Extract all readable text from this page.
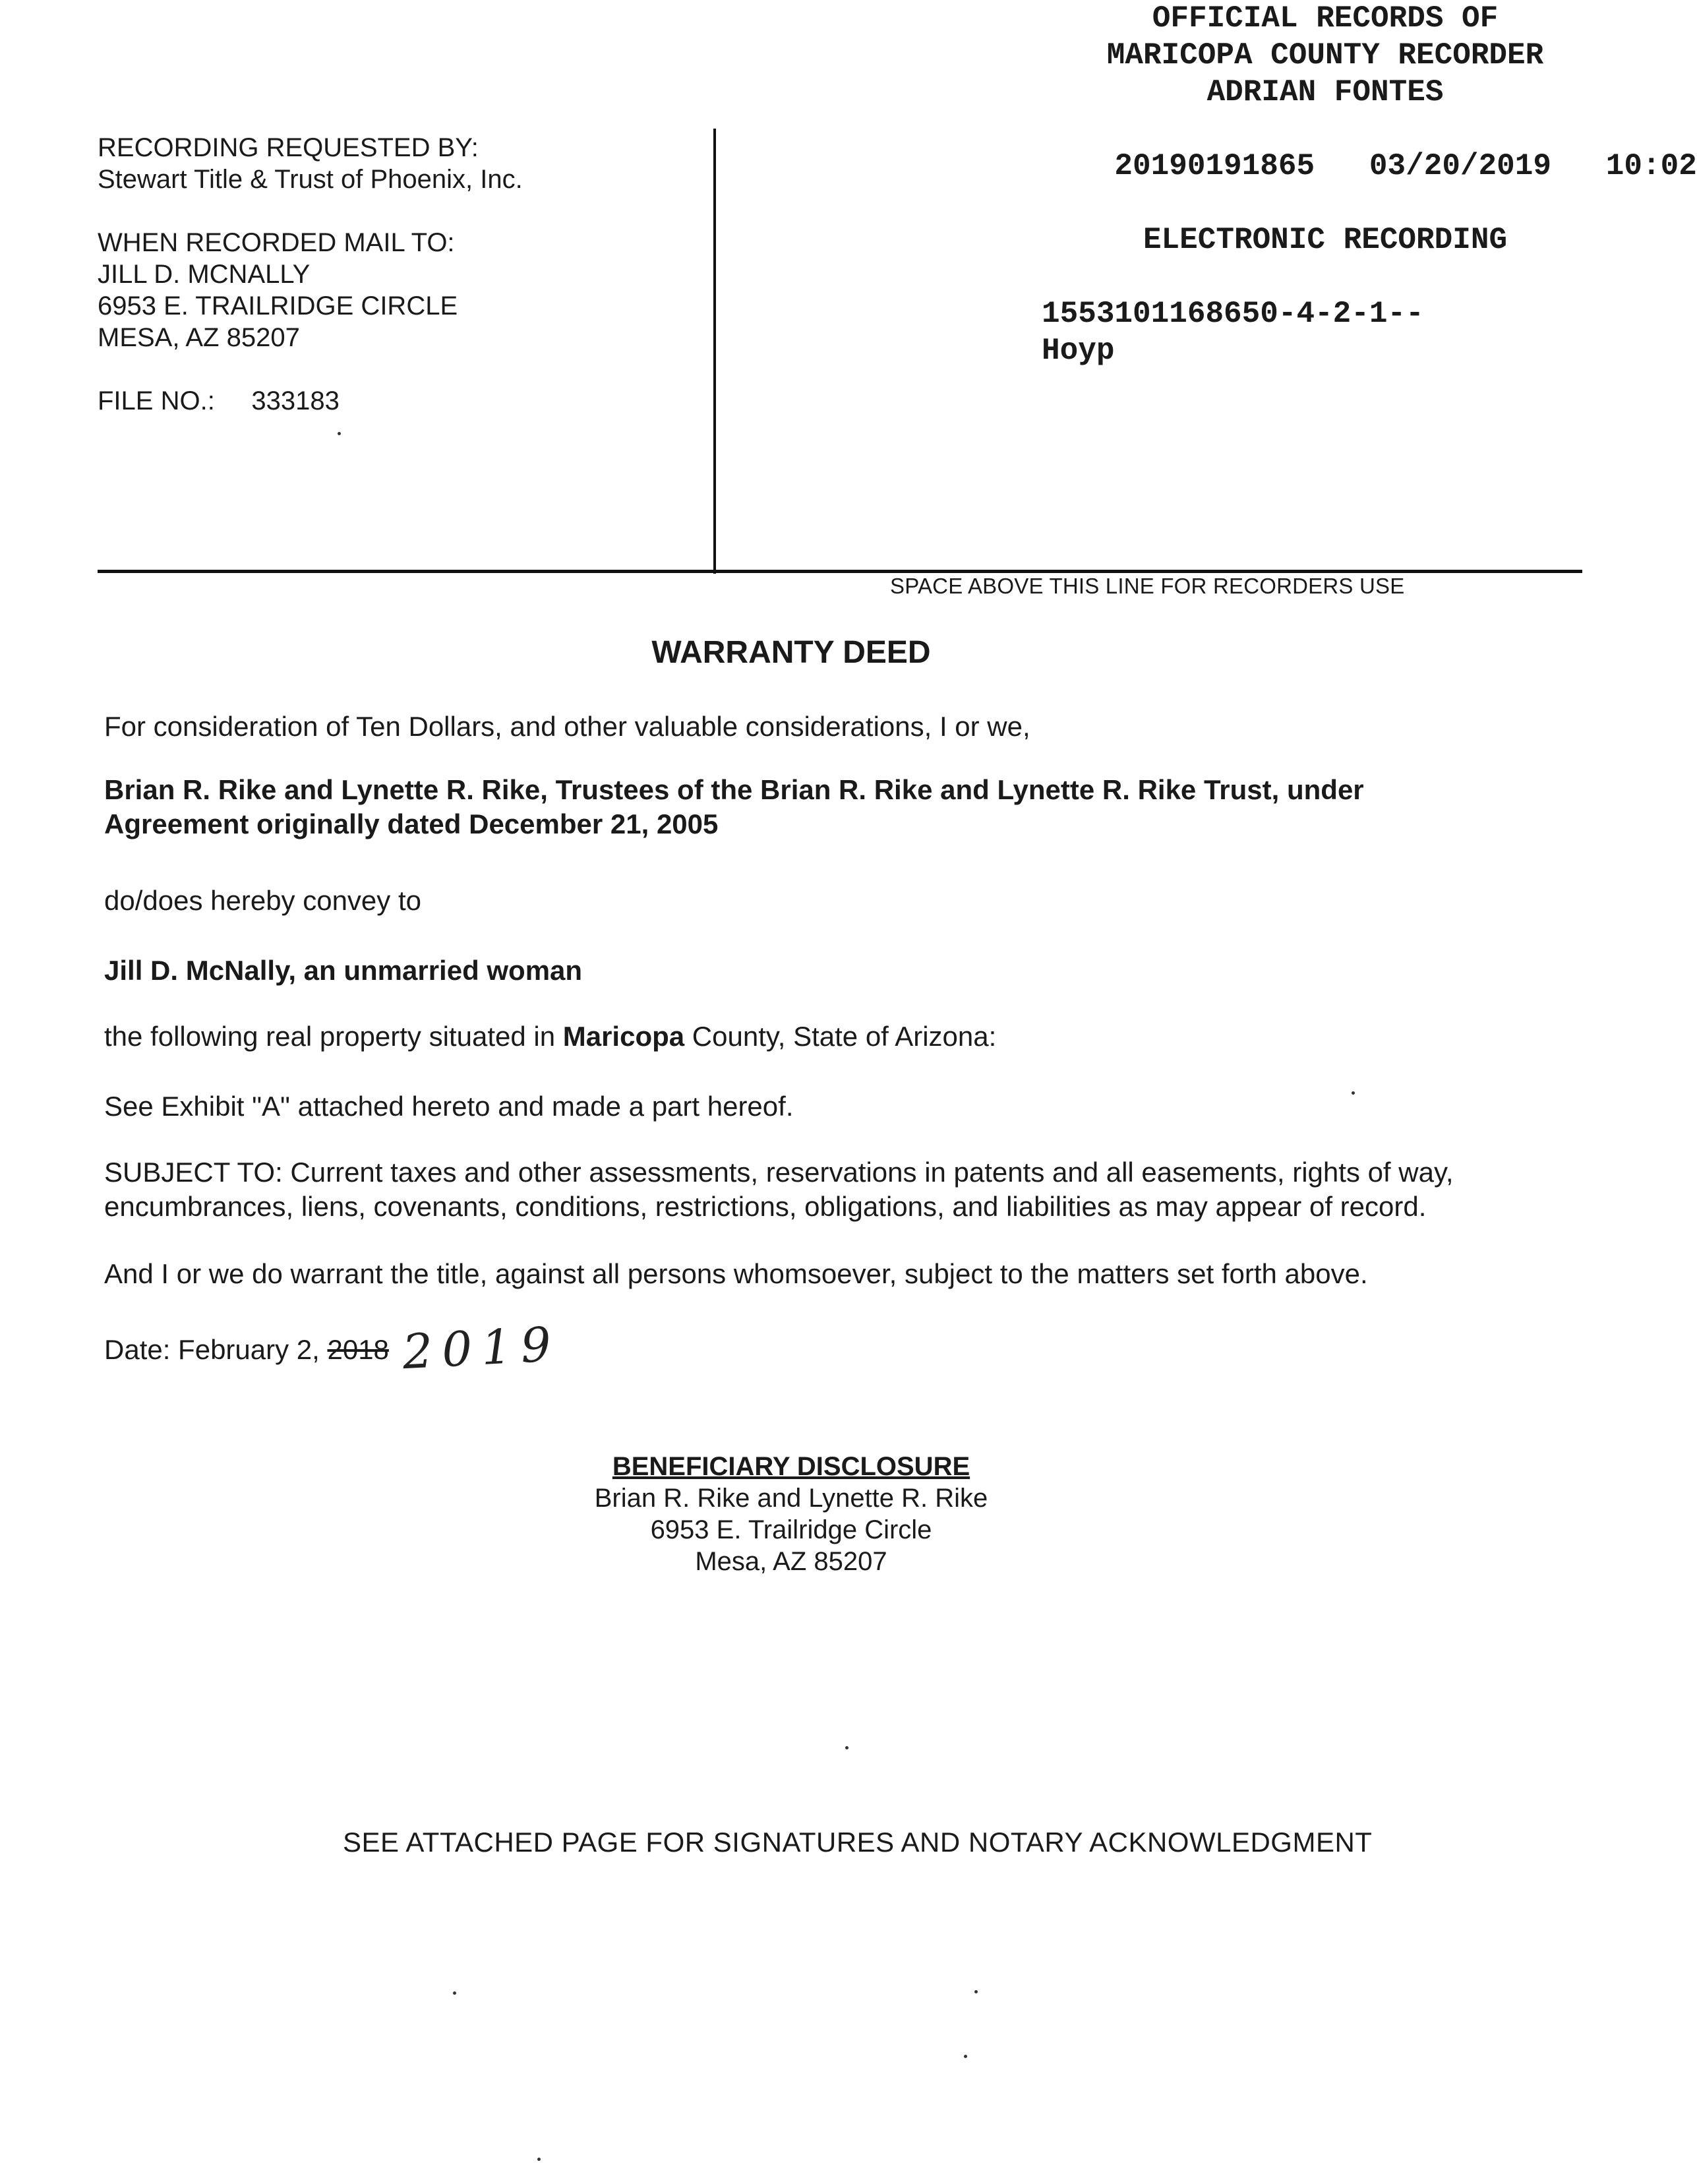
OFFICIAL RECORDS OF
MARICOPA COUNTY RECORDER
ADRIAN FONTES

20190191865 03/20/2019 10:02

ELECTRONIC RECORDING
1553101168650-4-2-1--
Hoyp
RECORDING REQUESTED BY:
Stewart Title & Trust of Phoenix, Inc.
WHEN RECORDED MAIL TO:
JILL D. MCNALLY
6953 E. TRAILRIDGE CIRCLE
MESA, AZ 85207
FILE NO.: 333183
SPACE ABOVE THIS LINE FOR RECORDERS USE
WARRANTY DEED
For consideration of Ten Dollars, and other valuable considerations, I or we,
Brian R. Rike and Lynette R. Rike, Trustees of the Brian R. Rike and Lynette R. Rike Trust, under
Agreement originally dated December 21, 2005
do/does hereby convey to
Jill D. McNally, an unmarried woman
the following real property situated in Maricopa County, State of Arizona:
See Exhibit "A" attached hereto and made a part hereof.
SUBJECT TO: Current taxes and other assessments, reservations in patents and all easements, rights of way,
encumbrances, liens, covenants, conditions, restrictions, obligations, and liabilities as may appear of record.
And I or we do warrant the title, against all persons whomsoever, subject to the matters set forth above.
Date: February 2, 2018 2019
BENEFICIARY DISCLOSURE
Brian R. Rike and Lynette R. Rike
6953 E. Trailridge Circle
Mesa, AZ 85207
SEE ATTACHED PAGE FOR SIGNATURES AND NOTARY ACKNOWLEDGMENT
